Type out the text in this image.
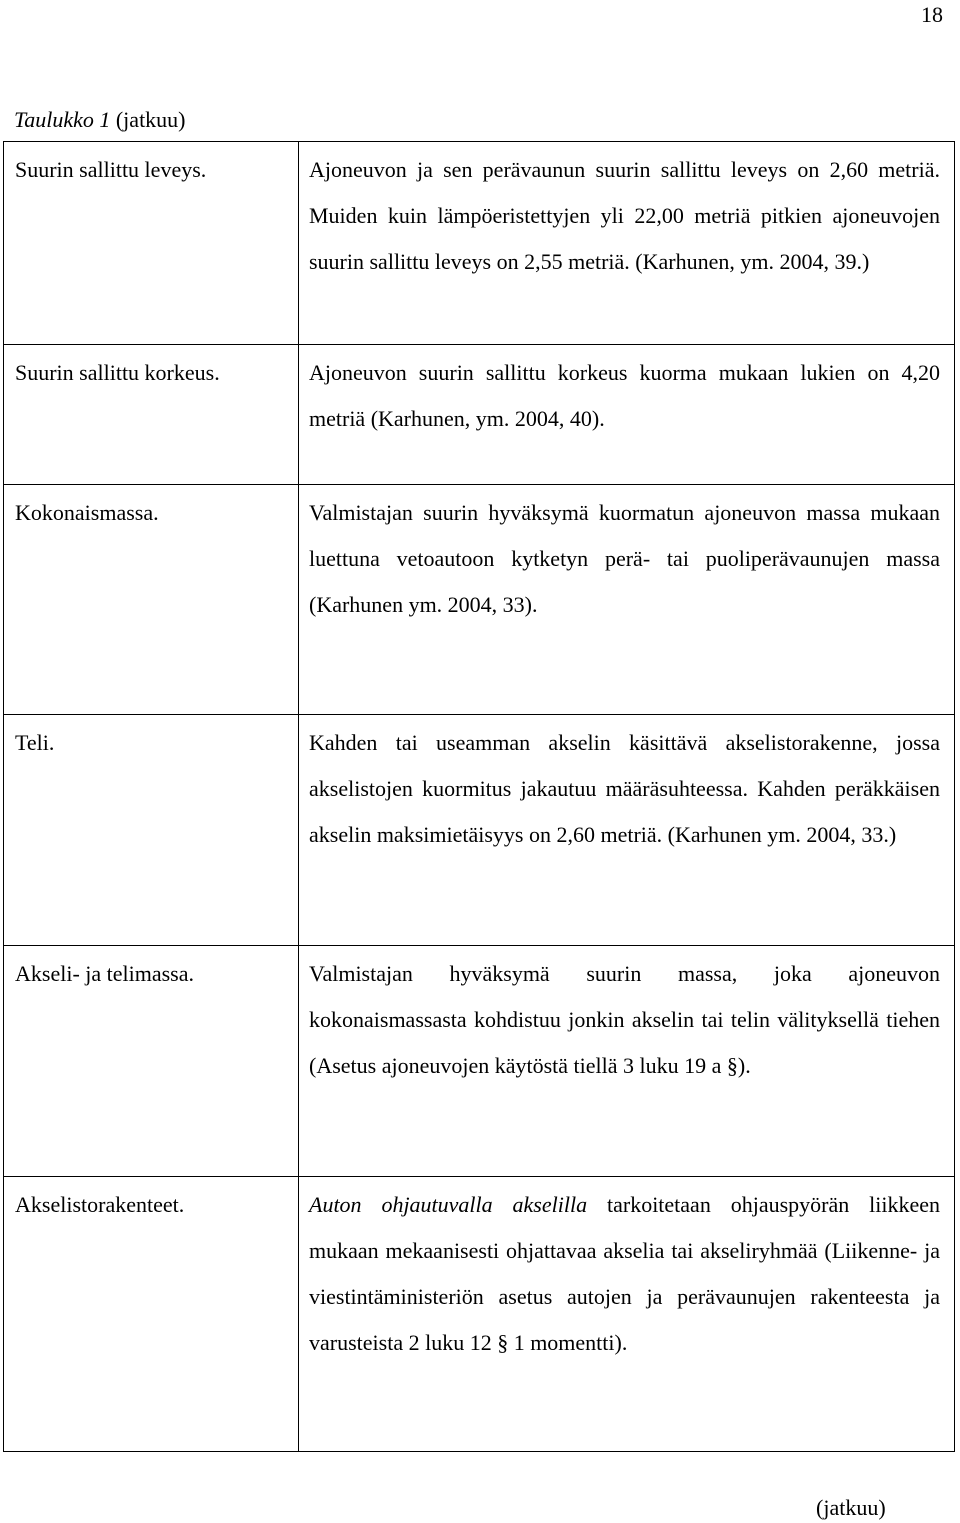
18
Taulukko 1 (jatkuu)
Suurin sallittu leveys.	Ajoneuvon ja sen perävaunun suurin sallittu leveys on 2,60 metriä. Muiden kuin lämpöeristettyjen yli 22,00 metriä pitkien ajoneuvojen suurin sallittu leveys on 2,55 metriä. (Karhunen, ym. 2004, 39.)
Suurin sallittu korkeus.	Ajoneuvon suurin sallittu korkeus kuorma mukaan lukien on 4,20 metriä (Karhunen, ym. 2004, 40).
Kokonaismassa.	Valmistajan suurin hyväksymä kuormatun ajoneuvon massa mukaan luettuna vetoautoon kytketyn perä- tai puoliperävaunujen massa (Karhunen ym. 2004, 33).
Teli.	Kahden tai useamman akselin käsittävä akselistorakenne, jossa akselistojen kuormitus jakautuu määräsuhteessa. Kahden peräkkäisen akselin maksimietäisyys on 2,60 metriä. (Karhunen ym. 2004, 33.)
Akseli- ja telimassa.	Valmistajan hyväksymä suurin massa, joka ajoneuvon kokonaismassasta kohdistuu jonkin akselin tai telin välityksellä tiehen (Asetus ajoneuvojen käytöstä tiellä 3 luku 19 a §).
Akselistorakenteet.	Auton ohjautuvalla akselilla tarkoitetaan ohjauspyörän liikkeen mukaan mekaanisesti ohjattavaa akselia tai akseliryhmää (Liikenne- ja viestintäministeriön asetus autojen ja perävaunujen rakenteesta ja varusteista 2 luku 12 § 1 momentti).
(jatkuu)
